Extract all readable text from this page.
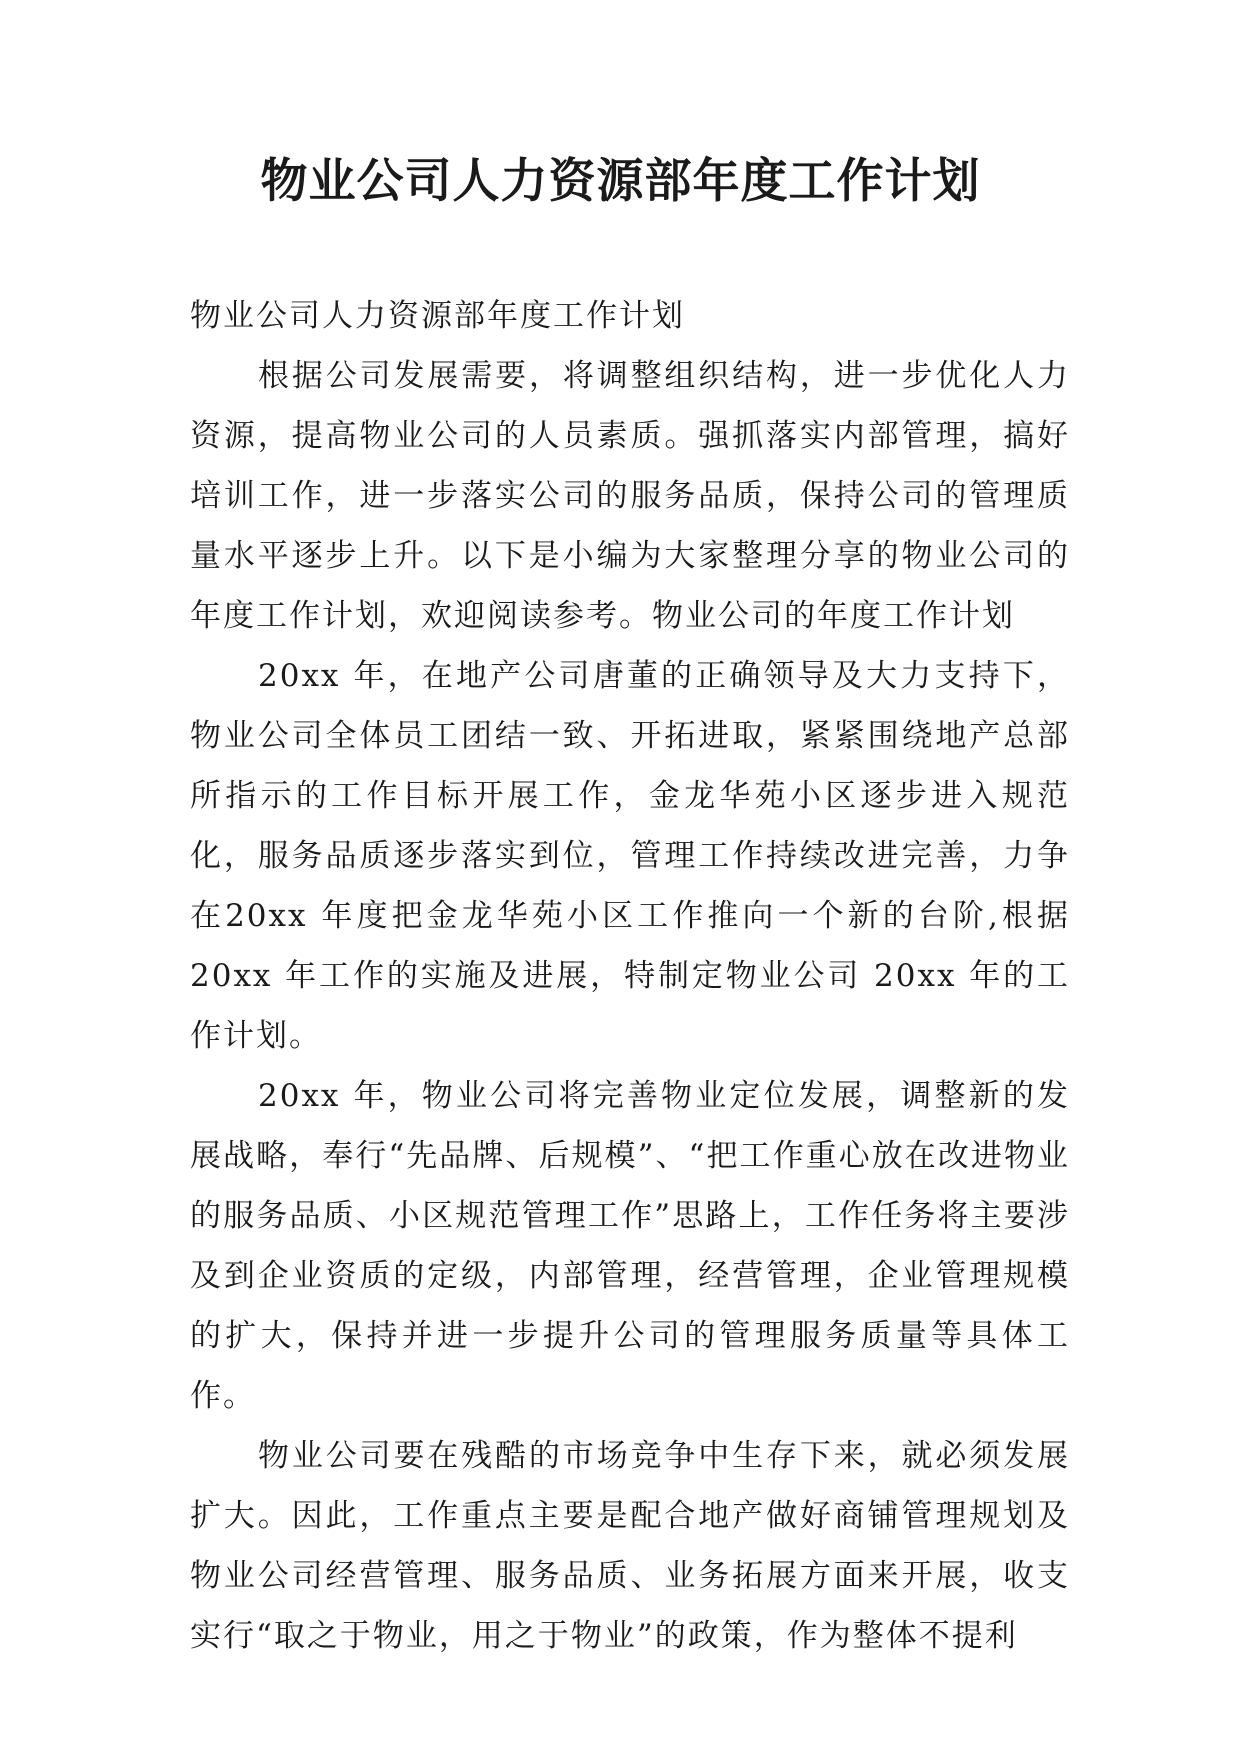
物业公司人力资源部年度工作计划

物业公司人力资源部年度工作计划

根据公司发展需要，将调整组织结构，进一步优化人力资源，提高物业公司的人员素质。强抓落实内部管理，搞好培训工作，进一步落实公司的服务品质，保持公司的管理质量水平逐步上升。以下是小编为大家整理分享的物业公司的年度工作计划，欢迎阅读参考。物业公司的年度工作计划

20xx 年，在地产公司唐董的正确领导及大力支持下，物业公司全体员工团结一致、开拓进取，紧紧围绕地产总部所指示的工作目标开展工作，金龙华苑小区逐步进入规范化，服务品质逐步落实到位，管理工作持续改进完善，力争在20xx 年度把金龙华苑小区工作推向一个新的台阶,根据 20xx 年工作的实施及进展，特制定物业公司 20xx 年的工作计划。

20xx 年，物业公司将完善物业定位发展，调整新的发展战略，奉行“先品牌、后规模”、“把工作重心放在改进物业的服务品质、小区规范管理工作”思路上，工作任务将主要涉及到企业资质的定级，内部管理，经营管理，企业管理规模的扩大，保持并进一步提升公司的管理服务质量等具体工作。

物业公司要在残酷的市场竞争中生存下来，就必须发展扩大。因此，工作重点主要是配合地产做好商铺管理规划及物业公司经营管理、服务品质、业务拓展方面来开展，收支实行“取之于物业，用之于物业”的政策，作为整体不提利
